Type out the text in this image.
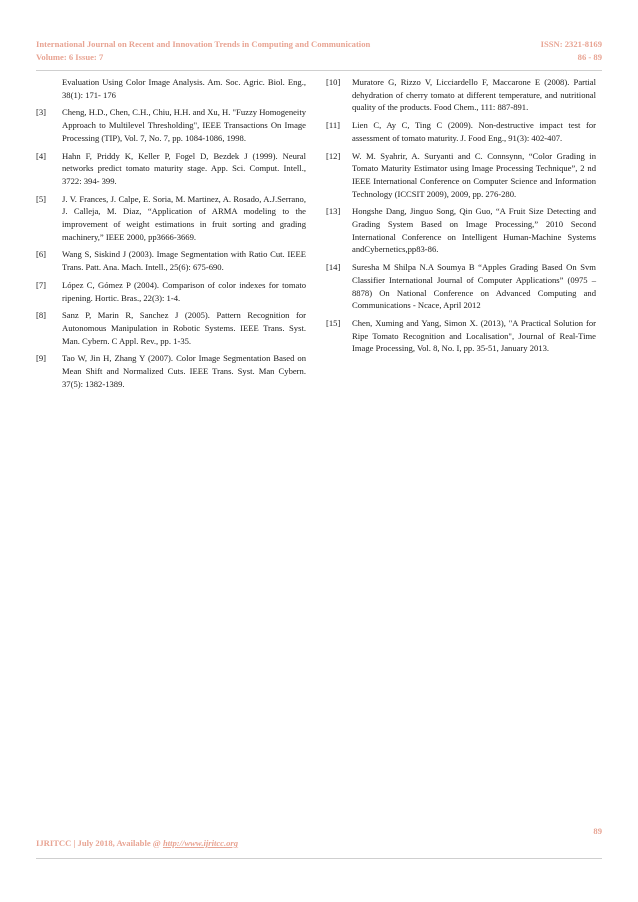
International Journal on Recent and Innovation Trends in Computing and Communication	ISSN: 2321-8169
Volume: 6 Issue: 7	86 - 89
Evaluation Using Color Image Analysis. Am. Soc. Agric. Biol. Eng., 38(1): 171- 176
[3]	Cheng, H.D., Chen, C.H., Chiu, H.H. and Xu, H. "Fuzzy Homogeneity Approach to Multilevel Thresholding", IEEE Transactions On Image Processing (TIP), Vol. 7, No. 7, pp. 1084-1086, 1998.
[4]	Hahn F, Priddy K, Keller P, Fogel D, Bezdek J (1999). Neural networks predict tomato maturity stage. App. Sci. Comput. Intell., 3722: 394- 399.
[5]	J. V. Frances, J. Calpe, E. Soria, M. Martinez, A. Rosado, A.J.Serrano, J. Calleja, M. Diaz, “Application of ARMA modeling to the improvement of weight estimations in fruit sorting and grading machinery,” IEEE 2000, pp3666-3669.
[6]	Wang S, Siskind J (2003). Image Segmentation with Ratio Cut. IEEE Trans. Patt. Ana. Mach. Intell., 25(6): 675-690.
[7]	López C, Gómez P (2004). Comparison of color indexes for tomato ripening. Hortic. Bras., 22(3): 1-4.
[8]	Sanz P, Marin R, Sanchez J (2005). Pattern Recognition for Autonomous Manipulation in Robotic Systems. IEEE Trans. Syst. Man. Cybern. C Appl. Rev., pp. 1-35.
[9]	Tao W, Jin H, Zhang Y (2007). Color Image Segmentation Based on Mean Shift and Normalized Cuts. IEEE Trans. Syst. Man Cybern. 37(5): 1382-1389.
[10]	Muratore G, Rizzo V, Licciardello F, Maccarone E (2008). Partial dehydration of cherry tomato at different temperature, and nutritional quality of the products. Food Chem., 111: 887-891.
[11]	Lien C, Ay C, Ting C (2009). Non-destructive impact test for assessment of tomato maturity. J. Food Eng., 91(3): 402-407.
[12]	W. M. Syahrir, A. Suryanti and C. Connsynn, “Color Grading in Tomato Maturity Estimator using Image Processing Technique”, 2 nd IEEE International Conference on Computer Science and Information Technology (ICCSIT 2009), 2009, pp. 276-280.
[13]	Hongshe Dang, Jinguo Song, Qin Guo, “A Fruit Size Detecting and Grading System Based on Image Processing,” 2010 Second International Conference on Intelligent Human-Machine Systems andCybernetics,pp83-86.
[14]	Suresha M Shilpa N.A Soumya B “Apples Grading Based On Svm Classifier International Journal of Computer Applications” (0975 – 8878) On National Conference on Advanced Computing and Communications - Ncace, April 2012
[15]	Chen, Xuming and Yang, Simon X. (2013), "A Practical Solution for Ripe Tomato Recognition and Localisation", Journal of Real-Time Image Processing, Vol. 8, No. I, pp. 35-51, January 2013.
89
IJRITCC | July 2018, Available @ http://www.ijritcc.org
